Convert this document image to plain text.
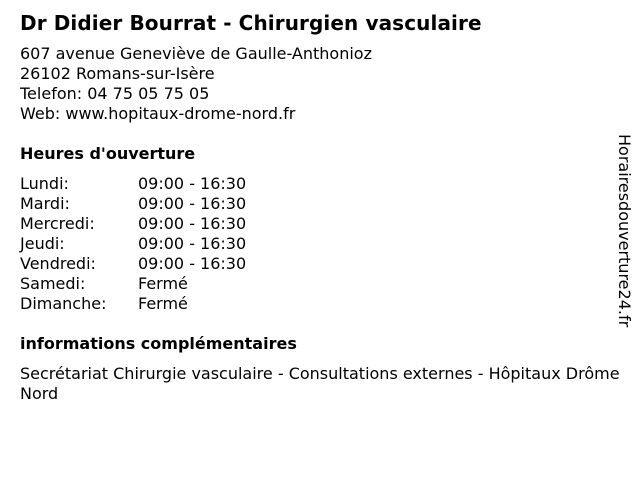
Dr Didier Bourrat - Chirurgien vasculaire
607 avenue Geneviève de Gaulle-Anthonioz
26102 Romans-sur-Isère
Telefon: 04 75 05 75 05
Web: www.hopitaux-drome-nord.fr
Heures d'ouverture
Lundi:	09:00 - 16:30
Mardi:	09:00 - 16:30
Mercredi:	09:00 - 16:30
Jeudi:	09:00 - 16:30
Vendredi:	09:00 - 16:30
Samedi:	Fermé
Dimanche:	Fermé
informations complémentaires
Secrétariat Chirurgie vasculaire - Consultations externes - Hôpitaux Drôme Nord
Horairesdouverture24.fr
